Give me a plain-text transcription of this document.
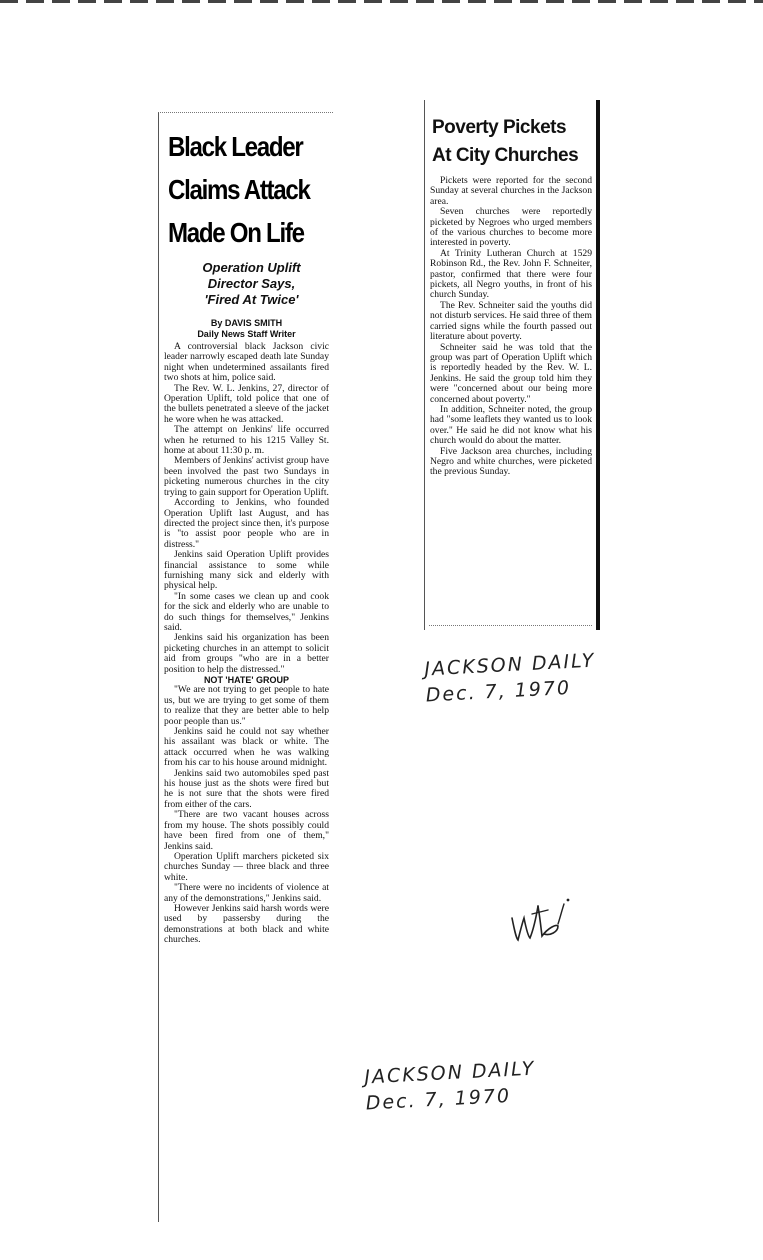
Black Leader
Claims Attack
Made On Life
Operation Uplift
Director Says,
'Fired At Twice'
By DAVIS SMITH
Daily News Staff Writer

A controversial black Jackson civic leader narrowly escaped death late Sunday night when undetermined assailants fired two shots at him, police said.

The Rev. W. L. Jenkins, 27, director of Operation Uplift, told police that one of the bullets penetrated a sleeve of the jacket he wore when he was attacked.

The attempt on Jenkins' life occurred when he returned to his 1215 Valley St. home at about 11:30 p. m.

Members of Jenkins' activist group have been involved the past two Sundays in picketing numerous churches in the city trying to gain support for Operation Uplift.

According to Jenkins, who founded Operation Uplift last August, and has directed the project since then, it's purpose is "to assist poor people who are in distress."

Jenkins said Operation Uplift provides financial assistance to some while furnishing many sick and elderly with physical help.

"In some cases we clean up and cook for the sick and elderly who are unable to do such things for themselves," Jenkins said.

Jenkins said his organization has been picketing churches in an attempt to solicit aid from groups "who are in a better position to help the distressed."

NOT 'HATE' GROUP

"We are not trying to get people to hate us, but we are trying to get some of them to realize that they are better able to help poor people than us."

Jenkins said he could not say whether his assailant was black or white. The attack occurred when he was walking from his car to his house around midnight.

Jenkins said two automobiles sped past his house just as the shots were fired but he is not sure that the shots were fired from either of the cars.

"There are two vacant houses across from my house. The shots possibly could have been fired from one of them," Jenkins said.

Operation Uplift marchers picketed six churches Sunday — three black and three white.

"There were no incidents of violence at any of the demonstrations," Jenkins said.

However Jenkins said harsh words were used by passersby during the demonstrations at both black and white churches.

Poverty Pickets
At City Churches

Pickets were reported for the second Sunday at several churches in the Jackson area.

Seven churches were reportedly picketed by Negroes who urged members of the various churches to become more interested in poverty.

At Trinity Lutheran Church at 1529 Robinson Rd., the Rev. John F. Schneiter, pastor, confirmed that there were four pickets, all Negro youths, in front of his church Sunday.

The Rev. Schneiter said the youths did not disturb services. He said three of them carried signs while the fourth passed out literature about poverty.

Schneiter said he was told that the group was part of Operation Uplift which is reportedly headed by the Rev. W. L. Jenkins. He said the group told him they were "concerned about our being more concerned about poverty."

In addition, Schneiter noted, the group had "some leaflets they wanted us to look over." He said he did not know what his church would do about the matter.

Five Jackson area churches, including Negro and white churches, were picketed the previous Sunday.

JACKSON DAILY
Dec. 7, 1970
JACKSON DAILY
Dec. 7, 1970
